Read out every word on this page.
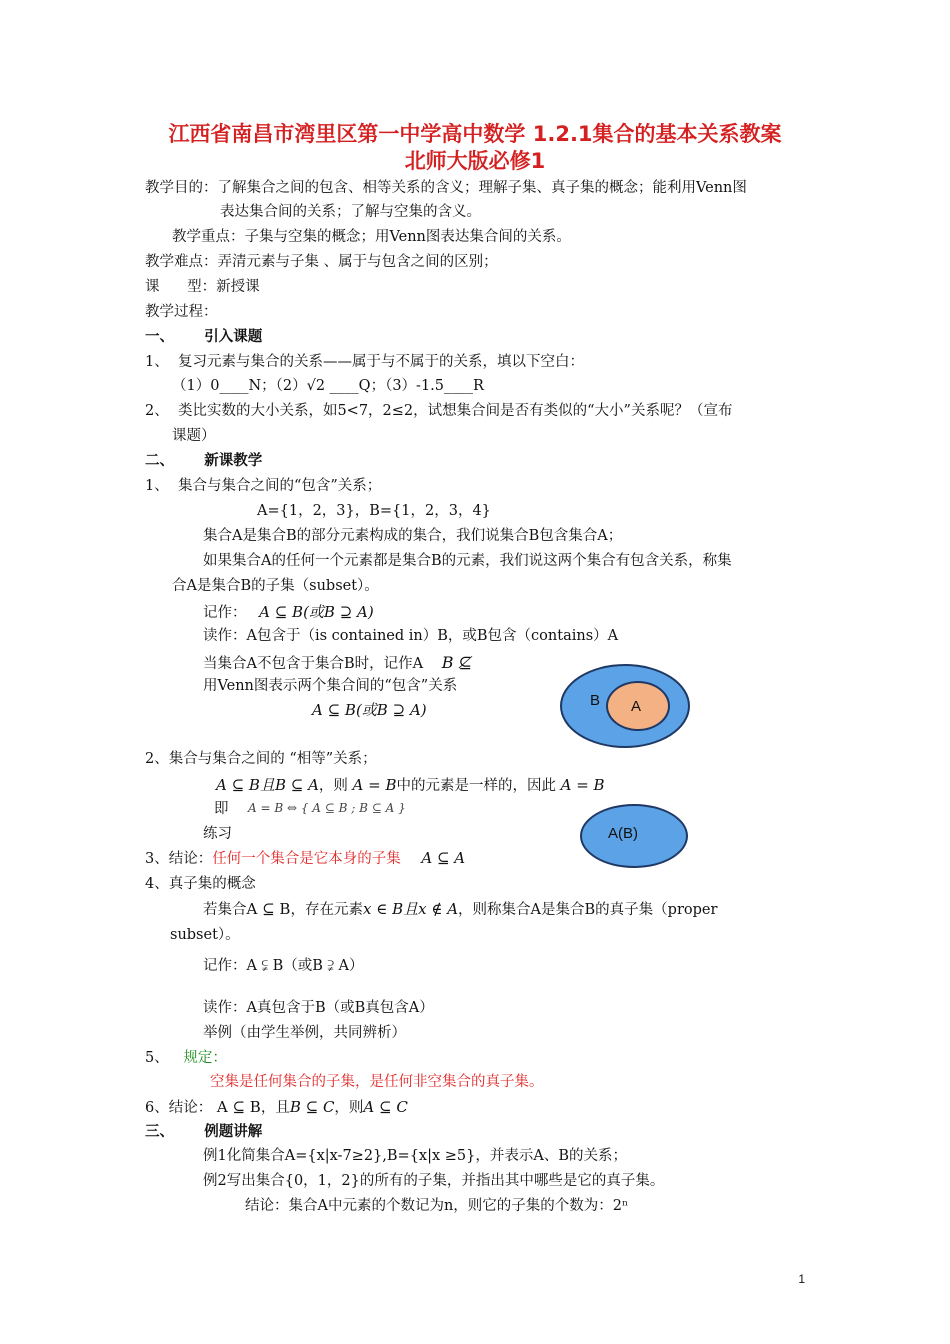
江西省南昌市湾里区第一中学高中数学 1.2.1集合的基本关系教案
北师大版必修1
教学目的：了解集合之间的包含、相等关系的含义；理解子集、真子集的概念；能利用Venn图
表达集合间的关系；了解与空集的含义。
教学重点：子集与空集的概念；用Venn图表达集合间的关系。
教学难点：弄清元素与子集 、属于与包含之间的区别；
课      型：新授课
教学过程：
一、      引入课题
1、  复习元素与集合的关系——属于与不属于的关系，填以下空白：
（1）0____N；（2）√2 ____Q；（3）-1.5____R
2、  类比实数的大小关系，如5<7，2≤2，试想集合间是否有类似的“大小”关系呢？（宣布
课题）
二、      新课教学
1、  集合与集合之间的“包含”关系；
A={1，2，3}，B={1，2，3，4}
集合A是集合B的部分元素构成的集合，我们说集合B包含集合A；
如果集合A的任何一个元素都是集合B的元素，我们说这两个集合有包含关系，称集
合A是集合B的子集（subset）。
记作： A ⊆ B(或B ⊇ A)
读作：A包含于（is contained in）B，或B包含（contains）A
当集合A不包含于集合B时，记作A B ⊈
用Venn图表示两个集合间的“包含”关系
A ⊆ B(或B ⊇ A)
B A
2、集合与集合之间的 “相等”关系；
A ⊆ B且B ⊆ A，则 A = B中的元素是一样的，因此 A = B
即 A = B ⇔ { A ⊆ B ; B ⊆ A }
练习	A(B)
3、结论：任何一个集合是它本身的子集 A ⊆ A
4、真子集的概念
若集合A ⊆ B，存在元素x ∈ B且x ∉ A，则称集合A是集合B的真子集（proper
subset）。
记作：A ⫋ B（或B ⫌ A）
读作：A真包含于B（或B真包含A）
举例（由学生举例，共同辨析）
5、 规定：
空集是任何集合的子集，是任何非空集合的真子集。
6、结论： A ⊆ B，且B ⊆ C，则A ⊆ C
三、      例题讲解
例1化简集合A={x|x-7≥2},B={x|x ≥5}，并表示A、B的关系；
例2写出集合{0，1，2}的所有的子集，并指出其中哪些是它的真子集。
结论：集合A中元素的个数记为n，则它的子集的个数为：2ⁿ
1
